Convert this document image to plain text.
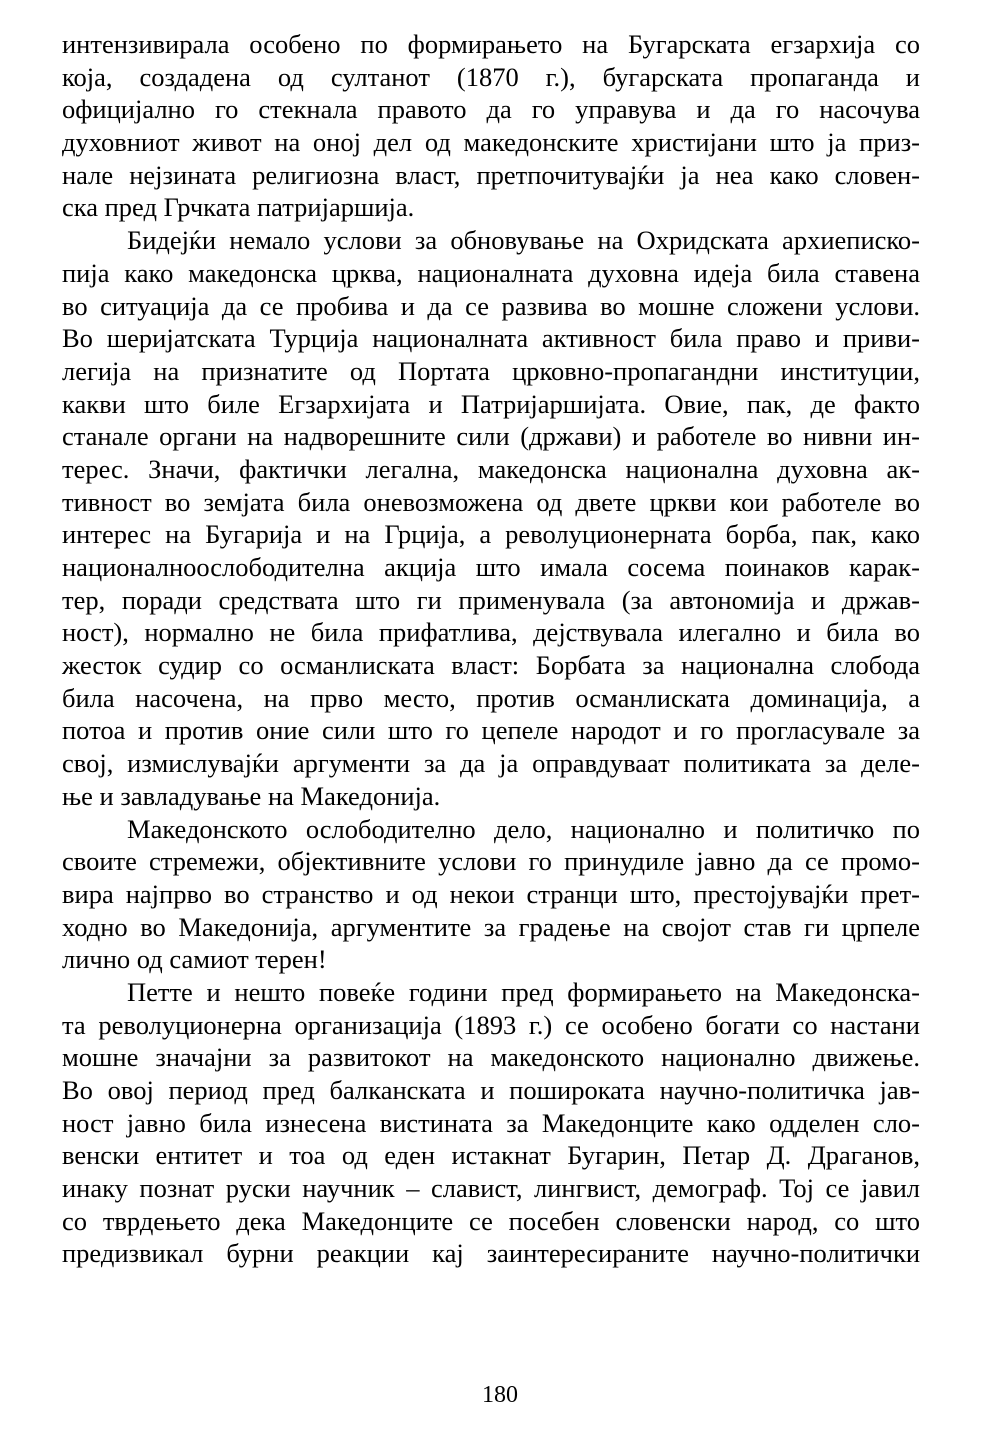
интензивирала особено по формирањето на Бугарската егзархија со
која, создадена од султанот (1870 г.), бугарската пропаганда и
официјално го стекнала правото да го управува и да го насочува
духовниот живот на оној дел од македонските христијани што ја приз-
нале нејзината религиозна власт, претпочитувајќи ја неа како словен-
ска пред Грчката патријаршија.
Бидејќи немало услови за обновување на Охридската архиеписко-
пија како македонска црква, националната духовна идеја била ставена
во ситуација да се пробива и да се развива во мошне сложени услови.
Во шеријатската Турција националната активност била право и приви-
легија на признатите од Портата црковно-пропагандни институции,
какви што биле Егзархијата и Патријаршијата. Овие, пак, де факто
станале органи на надворешните сили (држави) и работеле во нивни ин-
терес. Значи, фактички легална, македонска национална духовна ак-
тивност во земјата била оневозможена од двете цркви кои работеле во
интерес на Бугарија и на Грција, а револуционерната борба, пак, како
националноослободителна акција што имала сосема поинаков карак-
тер, поради средствата што ги применувала (за автономија и држав-
ност), нормално не била прифатлива, дејствувала илегално и била во
жесток судир со османлиската власт: Борбата за национална слобода
била насочена, на прво место, против османлиската доминација, а
потоа и против оние сили што го цепеле народот и го прогласувале за
свој, измислувајќи аргументи за да ја оправдуваат политиката за деле-
ње и завладување на Македонија.
Македонското ослободително дело, национално и политичко по
своите стремежи, објективните услови го принудиле јавно да се промо-
вира најпрво во странство и од некои странци што, престојувајќи прет-
ходно во Македонија, аргументите за градење на својот став ги црпеле
лично од самиот терен!
Петте и нешто повеќе години пред формирањето на Македонска-
та револуционерна организација (1893 г.) се особено богати со настани
мошне значајни за развитокот на македонското национално движење.
Во овој период пред балканската и пошироката научно-политичка јав-
ност јавно била изнесена вистината за Македонците како одделен сло-
венски ентитет и тоа од еден истакнат Бугарин, Петар Д. Драганов,
инаку познат руски научник – славист, лингвист, демограф. Тој се јавил
со тврдењето дека Македонците се посебен словенски народ, со што
предизвикал бурни реакции кај заинтересираните научно-политички
180
